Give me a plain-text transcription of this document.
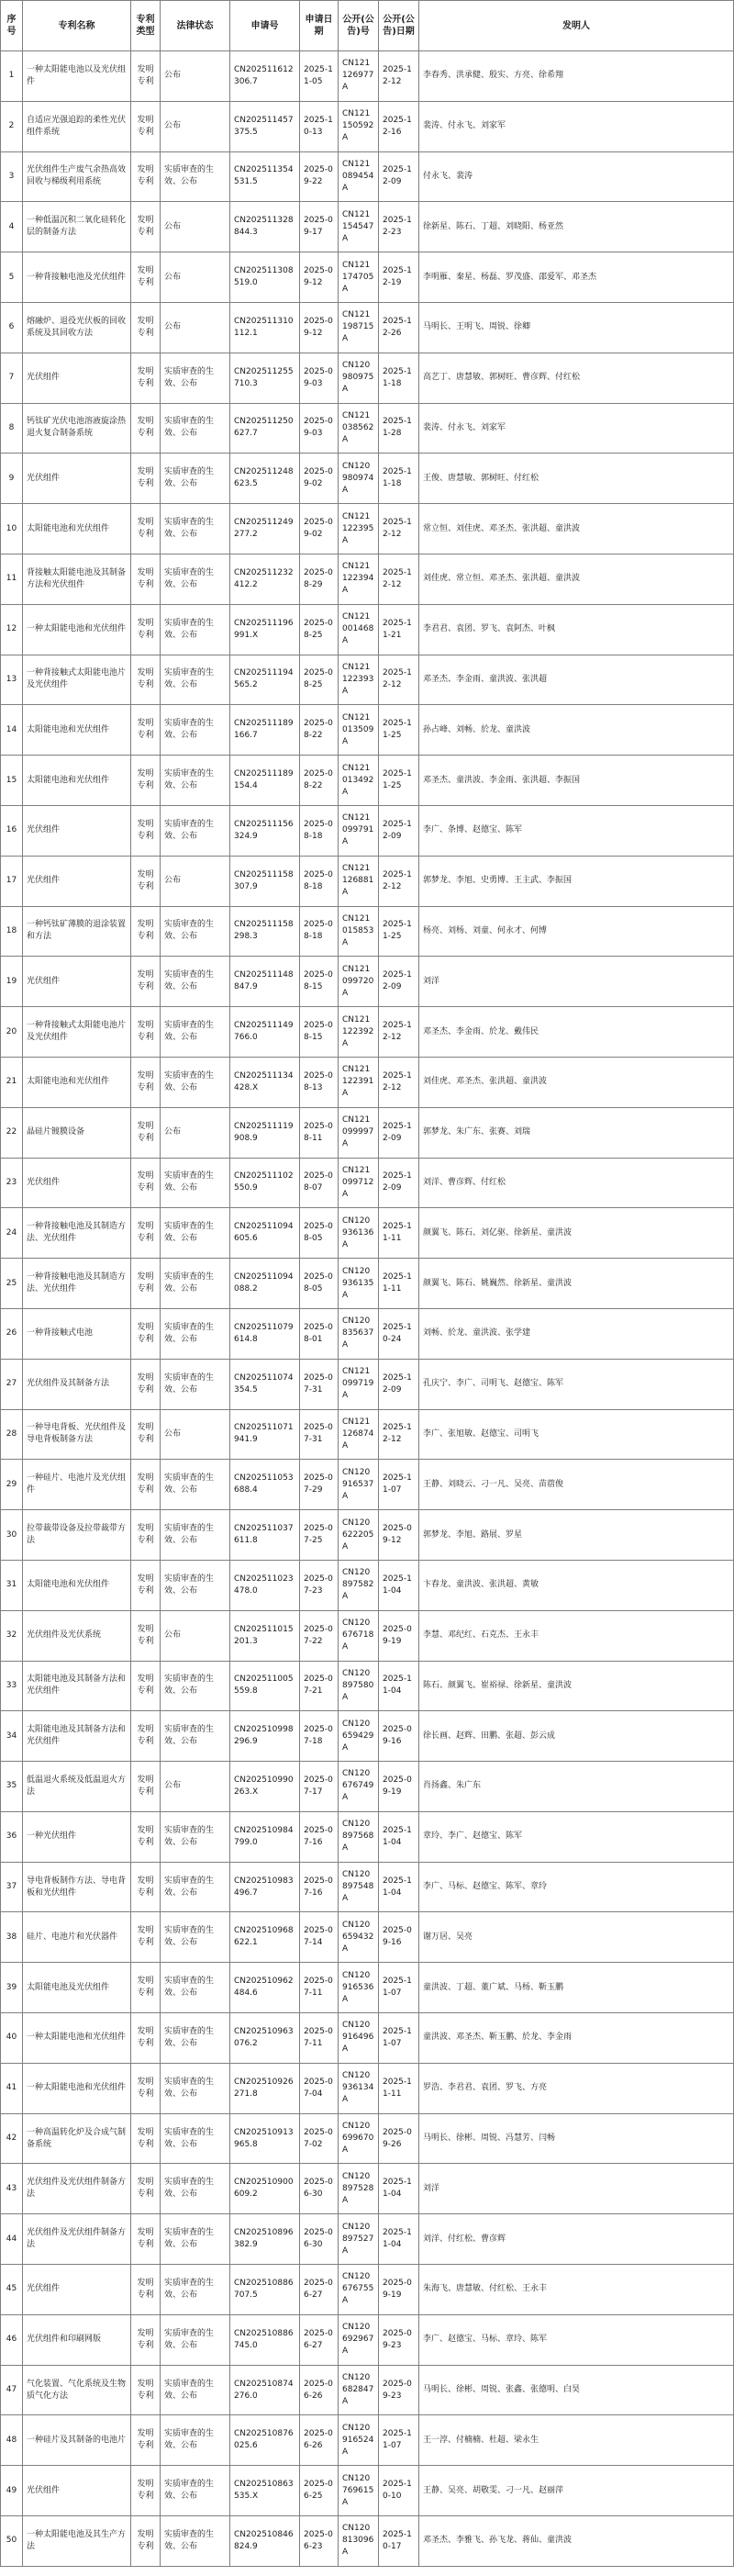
序号	专利名称	专利类型	法律状态	申请号	申请日期	公开(公告)号	公开(公告)日期	发明人
1	一种太阳能电池以及光伏组件	发明专利	公布	CN202511612306.7	2025-11-05	CN121126977A	2025-12-12	李春秀、洪承健、殷实、方亮、徐希翔
2	自适应光强追踪的柔性光伏组件系统	发明专利	公布	CN202511457375.5	2025-10-13	CN121150592A	2025-12-16	裴涛、付永飞、刘家军
3	光伏组件生产废气余热高效回收与梯级利用系统	发明专利	实质审查的生效、公布	CN202511354531.5	2025-09-22	CN121089454A	2025-12-09	付永飞、裴涛
4	一种低温沉积二氧化硅转化层的制备方法	发明专利	公布	CN202511328844.3	2025-09-17	CN121154547A	2025-12-23	徐新星、陈石、丁超、刘晓阳、杨亚然
5	一种背接触电池及光伏组件	发明专利	公布	CN202511308519.0	2025-09-12	CN121174705A	2025-12-19	李明雁、秦星、杨磊、罗茂盛、邵爱军、邓圣杰
6	熔融炉、退役光伏板的回收系统及其回收方法	发明专利	公布	CN202511310112.1	2025-09-12	CN121198715A	2025-12-26	马明长、王明飞、周锐、徐卿
7	光伏组件	发明专利	实质审查的生效、公布	CN202511255710.3	2025-09-03	CN120980975A	2025-11-18	高艺丁、唐慧敏、郭树旺、曹彦辉、付红松
8	钙钛矿光伏电池溶液旋涂热退火复合制备系统	发明专利	实质审查的生效、公布	CN202511250627.7	2025-09-03	CN121038562A	2025-11-28	裴涛、付永飞、刘家军
9	光伏组件	发明专利	实质审查的生效、公布	CN202511248623.5	2025-09-02	CN120980974A	2025-11-18	王俊、唐慧敏、郭树旺、付红松
10	太阳能电池和光伏组件	发明专利	实质审查的生效、公布	CN202511249277.2	2025-09-02	CN121122395A	2025-12-12	常立恒、刘佳虎、邓圣杰、张洪超、童洪波
11	背接触太阳能电池及其制备方法和光伏组件	发明专利	实质审查的生效、公布	CN202511232412.2	2025-08-29	CN121122394A	2025-12-12	刘佳虎、常立恒、邓圣杰、张洪超、童洪波
12	一种太阳能电池和光伏组件	发明专利	实质审查的生效、公布	CN202511196991.X	2025-08-25	CN121001468A	2025-11-21	李君君、袁团、罗飞、袁阿杰、叶枫
13	一种背接触式太阳能电池片及光伏组件	发明专利	实质审查的生效、公布	CN202511194565.2	2025-08-25	CN121122393A	2025-12-12	邓圣杰、李金雨、童洪波、张洪超
14	太阳能电池和光伏组件	发明专利	实质审查的生效、公布	CN202511189166.7	2025-08-22	CN121013509A	2025-11-25	孙占峰、刘畅、於龙、童洪波
15	太阳能电池和光伏组件	发明专利	实质审查的生效、公布	CN202511189154.4	2025-08-22	CN121013492A	2025-11-25	邓圣杰、童洪波、李金雨、张洪超、李振国
16	光伏组件	发明专利	实质审查的生效、公布	CN202511156324.9	2025-08-18	CN121099791A	2025-12-09	李广、条博、赵德宝、陈军
17	光伏组件	发明专利	公布	CN202511158307.9	2025-08-18	CN121126881A	2025-12-12	郭梦龙、李旭、史勇博、王主武、李振国
18	一种钙钛矿薄膜的退涂装置和方法	发明专利	实质审查的生效、公布	CN202511158298.3	2025-08-18	CN121015853A	2025-11-25	杨亮、刘杨、刘童、何永才、何博
19	光伏组件	发明专利	实质审查的生效、公布	CN202511148847.9	2025-08-15	CN121099720A	2025-12-09	刘洋
20	一种背接触式太阳能电池片及光伏组件	发明专利	实质审查的生效、公布	CN202511149766.0	2025-08-15	CN121122392A	2025-12-12	邓圣杰、李金雨、於龙、戴伟民
21	太阳能电池和光伏组件	发明专利	实质审查的生效、公布	CN202511134428.X	2025-08-13	CN121122391A	2025-12-12	刘佳虎、邓圣杰、张洪超、童洪波
22	晶硅片镀膜设备	发明专利	公布	CN202511119908.9	2025-08-11	CN121099997A	2025-12-09	郭梦龙、朱广东、张赛、刘瑞
23	光伏组件	发明专利	实质审查的生效、公布	CN202511102550.9	2025-08-07	CN121099712A	2025-12-09	刘洋、曹彦辉、付红松
24	一种背接触电池及其制造方法、光伏组件	发明专利	实质审查的生效、公布	CN202511094605.6	2025-08-05	CN120936136A	2025-11-11	颜翼飞、陈石、刘亿驱、徐新星、童洪波
25	一种背接触电池及其制造方法、光伏组件	发明专利	实质审查的生效、公布	CN202511094088.2	2025-08-05	CN120936135A	2025-11-11	颜翼飞、陈石、姚巍然、徐新星、童洪波
26	一种背接触式电池	发明专利	实质审查的生效、公布	CN202511079614.8	2025-08-01	CN120835637A	2025-10-24	刘畅、於龙、童洪波、张学建
27	光伏组件及其制备方法	发明专利	实质审查的生效、公布	CN202511074354.5	2025-07-31	CN121099719A	2025-12-09	孔庆宁、李广、司明飞、赵德宝、陈军
28	一种导电背板、光伏组件及导电背板制备方法	发明专利	公布	CN202511071941.9	2025-07-31	CN121126874A	2025-12-12	李广、张旭敏、赵德宝、司明飞
29	一种硅片、电池片及光伏组件	发明专利	实质审查的生效、公布	CN202511053688.4	2025-07-29	CN120916537A	2025-11-07	王静、刘晓云、刁一凡、吴亮、苗蓿俊
30	拉带裁带设备及拉带裁带方法	发明专利	实质审查的生效、公布	CN202511037611.8	2025-07-25	CN120622205A	2025-09-12	郭梦龙、李旭、路展、罗星
31	太阳能电池和光伏组件	发明专利	实质审查的生效、公布	CN202511023478.0	2025-07-23	CN120897582A	2025-11-04	卞春龙、童洪波、张洪超、黄敏
32	光伏组件及光伏系统	发明专利	公布	CN202511015201.3	2025-07-22	CN120676718A	2025-09-19	李慧、邓纪红、石克杰、王永丰
33	太阳能电池及其制备方法和光伏组件	发明专利	实质审查的生效、公布	CN202511005559.8	2025-07-21	CN120897580A	2025-11-04	陈石、颜翼飞、崔裕禄、徐新星、童洪波
34	太阳能电池及其制备方法和光伏组件	发明专利	实质审查的生效、公布	CN202510998296.9	2025-07-18	CN120659429A	2025-09-16	徐长画、赵辉、田鹏、张超、彭云成
35	低温退火系统及低温退火方法	发明专利	公布	CN202510990263.X	2025-07-17	CN120676749A	2025-09-19	肖扬鑫、朱广东
36	一种光伏组件	发明专利	实质审查的生效、公布	CN202510984799.0	2025-07-16	CN120897568A	2025-11-04	章玲、李广、赵德宝、陈军
37	导电背板制作方法、导电背板和光伏组件	发明专利	实质审查的生效、公布	CN202510983496.7	2025-07-16	CN120897548A	2025-11-04	李广、马标、赵德宝、陈军、章玲
38	硅片、电池片和光伏器件	发明专利	实质审查的生效、公布	CN202510968622.1	2025-07-14	CN120659432A	2025-09-16	谢万居、吴亮
39	太阳能电池及光伏组件	发明专利	实质审查的生效、公布	CN202510962484.6	2025-07-11	CN120916536A	2025-11-07	童洪波、丁超、董广斌、马杨、靳玉鹏
40	一种太阳能电池和光伏组件	发明专利	实质审查的生效、公布	CN202510963076.2	2025-07-11	CN120916496A	2025-11-07	童洪波、邓圣杰、靳玉鹏、於龙、李金雨
41	一种太阳能电池和光伏组件	发明专利	实质审查的生效、公布	CN202510926271.8	2025-07-04	CN120936134A	2025-11-11	罗浩、李君君、袁团、罗飞、方亮
42	一种高温转化炉及合成气制备系统	发明专利	实质审查的生效、公布	CN202510913965.8	2025-07-02	CN120699670A	2025-09-26	马明长、徐彬、周锐、冯慧芳、闫畅
43	光伏组件及光伏组件制备方法	发明专利	实质审查的生效、公布	CN202510900609.2	2025-06-30	CN120897528A	2025-11-04	刘洋
44	光伏组件及光伏组件制备方法	发明专利	实质审查的生效、公布	CN202510896382.9	2025-06-30	CN120897527A	2025-11-04	刘洋、付红松、曹彦辉
45	光伏组件	发明专利	实质审查的生效、公布	CN202510886707.5	2025-06-27	CN120676755A	2025-09-19	朱海飞、唐慧敏、付红松、王永丰
46	光伏组件和印刷网版	发明专利	实质审查的生效、公布	CN202510886745.0	2025-06-27	CN120692967A	2025-09-23	李广、赵德宝、马标、章玲、陈军
47	气化装置、气化系统及生物质气化方法	发明专利	实质审查的生效、公布	CN202510874276.0	2025-06-26	CN120682847A	2025-09-23	马明长、徐彬、周锐、张鑫、张德明、白昊
48	一种硅片及其制备的电池片	发明专利	实质审查的生效、公布	CN202510876025.6	2025-06-26	CN120916524A	2025-11-07	王一淳、付楠楠、杜超、梁永生
49	光伏组件	发明专利	实质审查的生效、公布	CN202510863535.X	2025-06-25	CN120769615A	2025-10-10	王静、吴亮、胡敬雯、刁一凡、赵丽萍
50	一种太阳能电池及其生产方法	发明专利	实质审查的生效、公布	CN202510846824.9	2025-06-23	CN120813096A	2025-10-17	邓圣杰、李雅飞、孙飞龙、蒋仙、童洪波
